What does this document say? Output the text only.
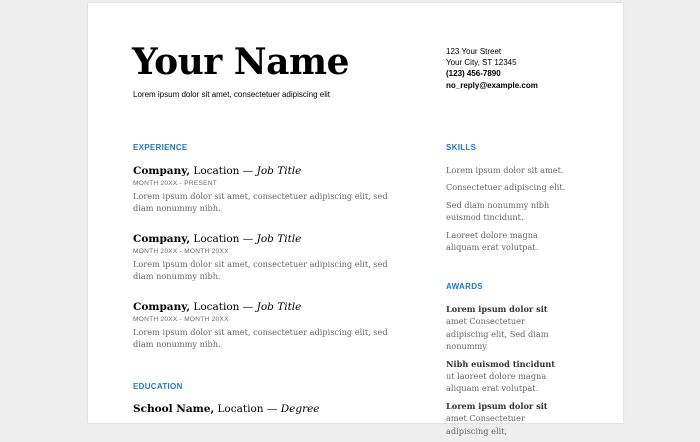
Your Name
Lorem ipsum dolor sit amet, consectetuer adipiscing elit
123 Your Street
Your City, ST 12345
(123) 456-7890
no_reply@example.com
EXPERIENCE
Company, Location — Job Title
MONTH 20XX - PRESENT
Lorem ipsum dolor sit amet, consectetuer adipiscing elit, sed diam nonummy nibh.
Company, Location — Job Title
MONTH 20XX - MONTH 20XX
Lorem ipsum dolor sit amet, consectetuer adipiscing elit, sed diam nonummy nibh.
Company, Location — Job Title
MONTH 20XX - MONTH 20XX
Lorem ipsum dolor sit amet, consectetuer adipiscing elit, sed diam nonummy nibh.
EDUCATION
School Name, Location — Degree
SKILLS
Lorem ipsum dolor sit amet.
Consectetuer adipiscing elit.
Sed diam nonummy nibh euismod tincidunt.
Laoreet dolore magna aliquam erat volutpat.
AWARDS
Lorem ipsum dolor sit amet Consectetuer adipiscing elit, Sed diam nonummy
Nibh euismod tincidunt ut laoreet dolore magna aliquam erat volutpat.
Lorem ipsum dolor sit amet Consectetuer adipiscing elit,
